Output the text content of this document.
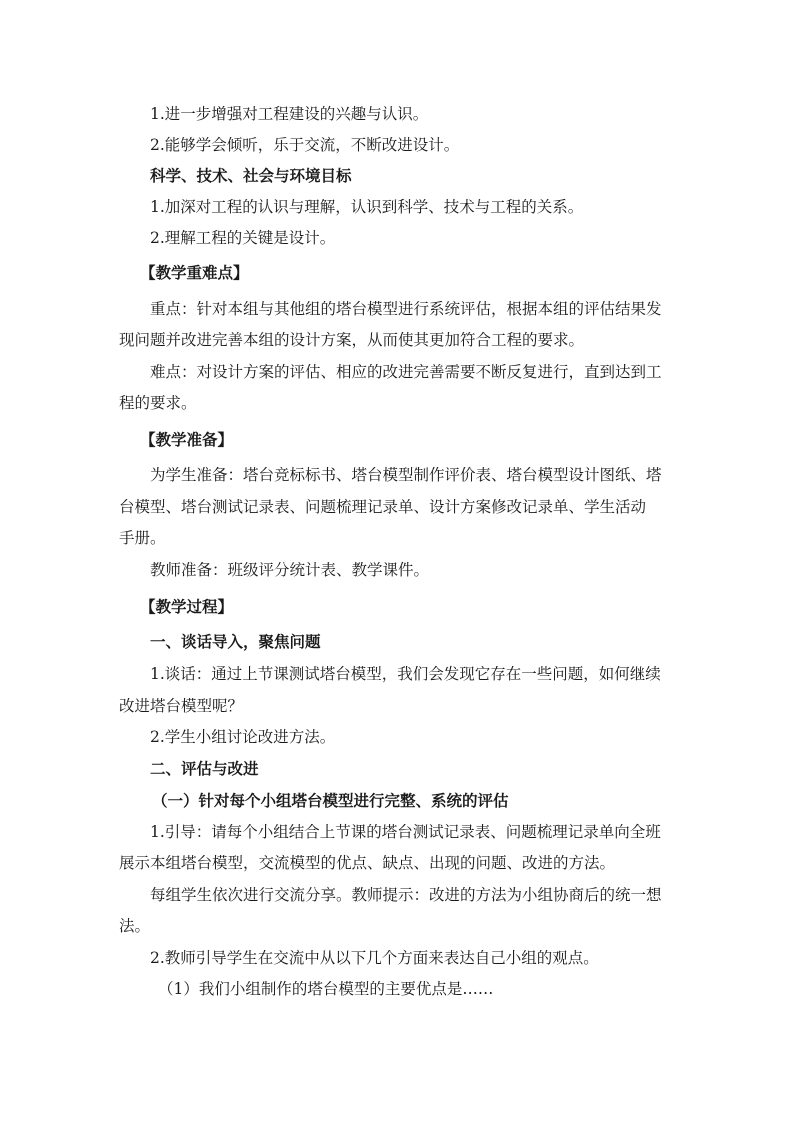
1.进一步增强对工程建设的兴趣与认识。
2.能够学会倾听，乐于交流，不断改进设计。
科学、技术、社会与环境目标
1.加深对工程的认识与理解，认识到科学、技术与工程的关系。
2.理解工程的关键是设计。
【教学重难点】
重点：针对本组与其他组的塔台模型进行系统评估，根据本组的评估结果发
现问题并改进完善本组的设计方案，从而使其更加符合工程的要求。
难点：对设计方案的评估、相应的改进完善需要不断反复进行，直到达到工
程的要求。
【教学准备】
为学生准备：塔台竞标标书、塔台模型制作评价表、塔台模型设计图纸、塔
台模型、塔台测试记录表、问题梳理记录单、设计方案修改记录单、学生活动
手册。
教师准备：班级评分统计表、教学课件。
【教学过程】
一、谈话导入，聚焦问题
1.谈话：通过上节课测试塔台模型，我们会发现它存在一些问题，如何继续
改进塔台模型呢？
2.学生小组讨论改进方法。
二、评估与改进
（一）针对每个小组塔台模型进行完整、系统的评估
1.引导：请每个小组结合上节课的塔台测试记录表、问题梳理记录单向全班
展示本组塔台模型，交流模型的优点、缺点、出现的问题、改进的方法。
每组学生依次进行交流分享。教师提示：改进的方法为小组协商后的统一想
法。
2.教师引导学生在交流中从以下几个方面来表达自己小组的观点。
（1）我们小组制作的塔台模型的主要优点是……
